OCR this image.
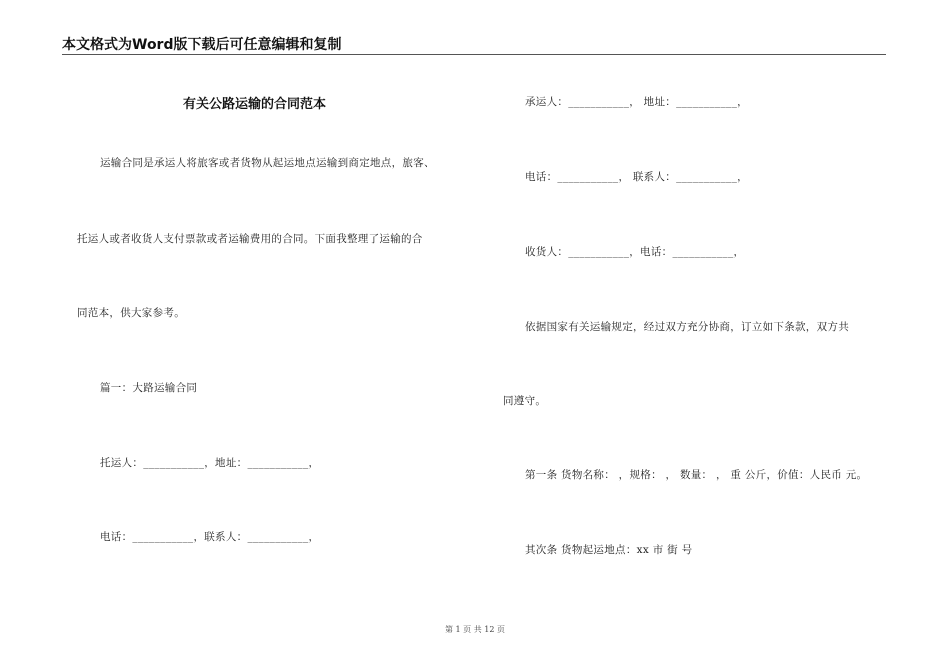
本文格式为Word版下载后可任意编辑和复制
有关公路运输的合同范本
运输合同是承运人将旅客或者货物从起运地点运输到商定地点，旅客、
托运人或者收货人支付票款或者运输费用的合同。下面我整理了运输的合
同范本，供大家参考。
篇一：大路运输合同
托运人：___________，地址：___________，
电话：___________，联系人：___________，
承运人：___________， 地址：___________，
电话：___________， 联系人：___________，
收货人：___________，电话：___________，
依据国家有关运输规定，经过双方充分协商，订立如下条款，双方共
同遵守。
第一条 货物名称： ，规格： ， 数量： ， 重 公斤，价值：人民币 元。
其次条 货物起运地点：xx 市 街 号
第 1 页 共 12 页
